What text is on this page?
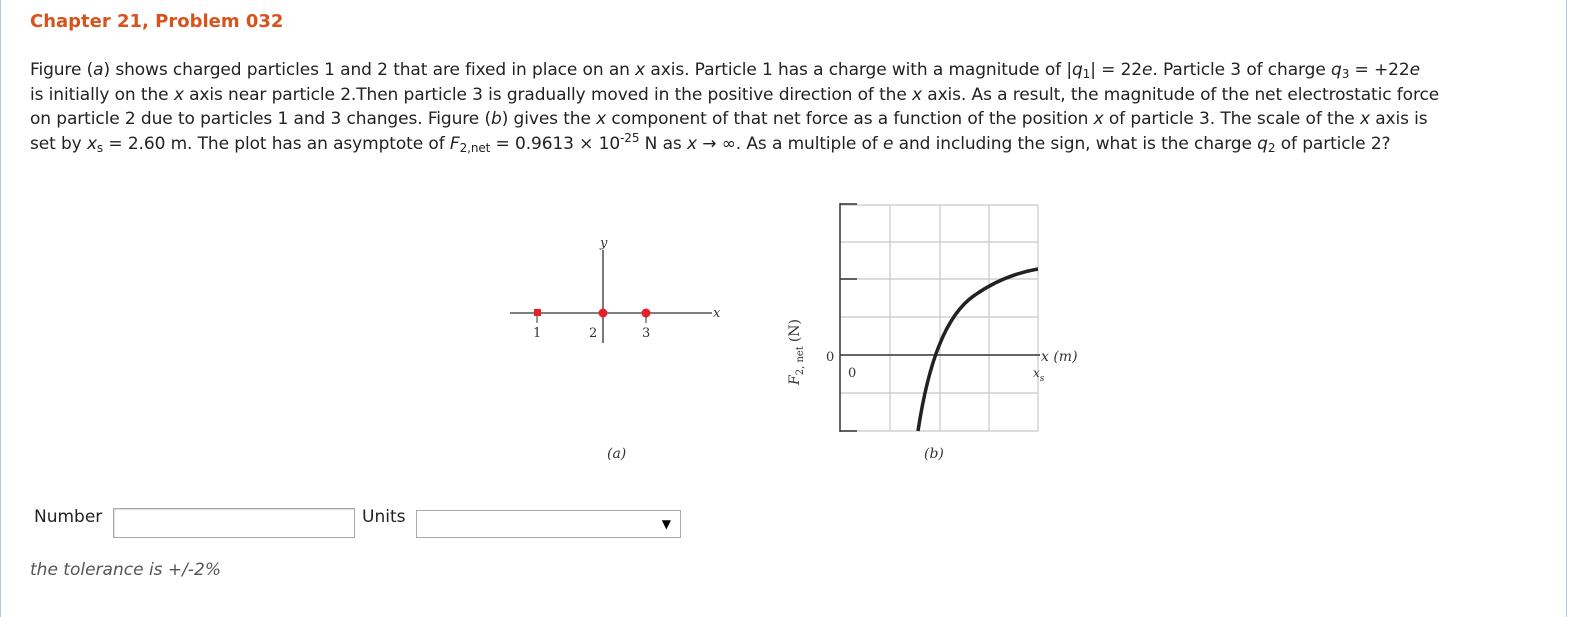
Chapter 21, Problem 032
Figure (a) shows charged particles 1 and 2 that are fixed in place on an x axis. Particle 1 has a charge with a magnitude of $|q_1| = 22e$. Particle 3 of charge $q_3 = +22e$
is initially on the x axis near particle 2.Then particle 3 is gradually moved in the positive direction of the x axis. As a result, the magnitude of the net electrostatic force
on particle 2 due to particles 1 and 3 changes. Figure (b) gives the x component of that net force as a function of the position x of particle 3. The scale of the x axis is
set by $x_s = 2.60$ m. The plot has an asymptote of $F_{2,net} = 0.9613 \times 10^{-25}$ N as x → ∞. As a multiple of e and including the sign, what is the charge $q_2$ of particle 2?
y
x
1	2	3
(a)
0
0
x (m)
$x_s$
$F_{2, net}(N)$
(b)
Number	Units	▼
the tolerance is +/-2%
